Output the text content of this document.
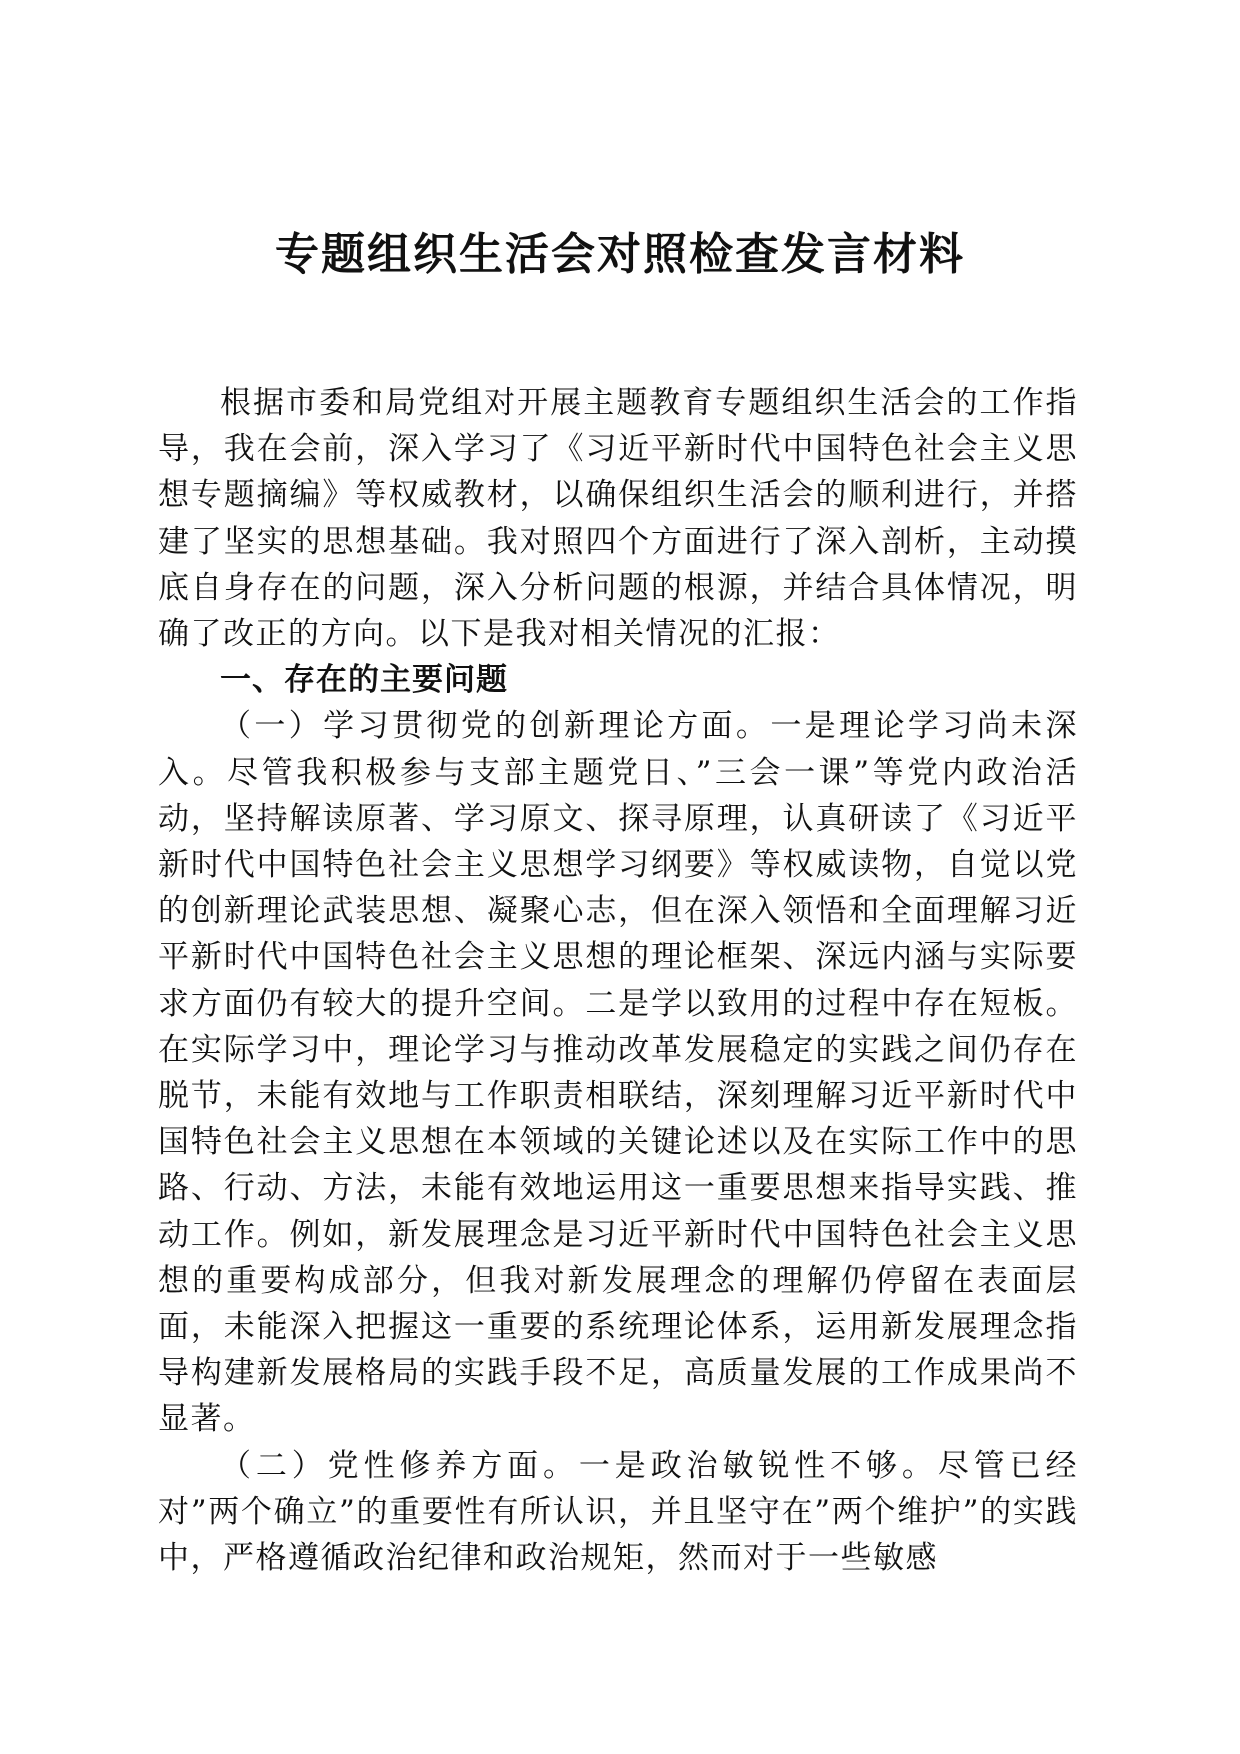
专题组织生活会对照检查发言材料

根据市委和局党组对开展主题教育专题组织生活会的工作指导，我在会前，深入学习了《习近平新时代中国特色社会主义思想专题摘编》等权威教材，以确保组织生活会的顺利进行，并搭建了坚实的思想基础。我对照四个方面进行了深入剖析，主动摸底自身存在的问题，深入分析问题的根源，并结合具体情况，明确了改正的方向。以下是我对相关情况的汇报：

一、存在的主要问题

（一）学习贯彻党的创新理论方面。一是理论学习尚未深入。尽管我积极参与支部主题党日、”三会一课”等党内政治活动，坚持解读原著、学习原文、探寻原理，认真研读了《习近平新时代中国特色社会主义思想学习纲要》等权威读物，自觉以党的创新理论武装思想、凝聚心志，但在深入领悟和全面理解习近平新时代中国特色社会主义思想的理论框架、深远内涵与实际要求方面仍有较大的提升空间。二是学以致用的过程中存在短板。在实际学习中，理论学习与推动改革发展稳定的实践之间仍存在脱节，未能有效地与工作职责相联结，深刻理解习近平新时代中国特色社会主义思想在本领域的关键论述以及在实际工作中的思路、行动、方法，未能有效地运用这一重要思想来指导实践、推动工作。例如，新发展理念是习近平新时代中国特色社会主义思想的重要构成部分，但我对新发展理念的理解仍停留在表面层面，未能深入把握这一重要的系统理论体系，运用新发展理念指导构建新发展格局的实践手段不足，高质量发展的工作成果尚不显著。

（二）党性修养方面。一是政治敏锐性不够。尽管已经对”两个确立”的重要性有所认识，并且坚守在”两个维护”的实践中，严格遵循政治纪律和政治规矩，然而对于一些敏感
